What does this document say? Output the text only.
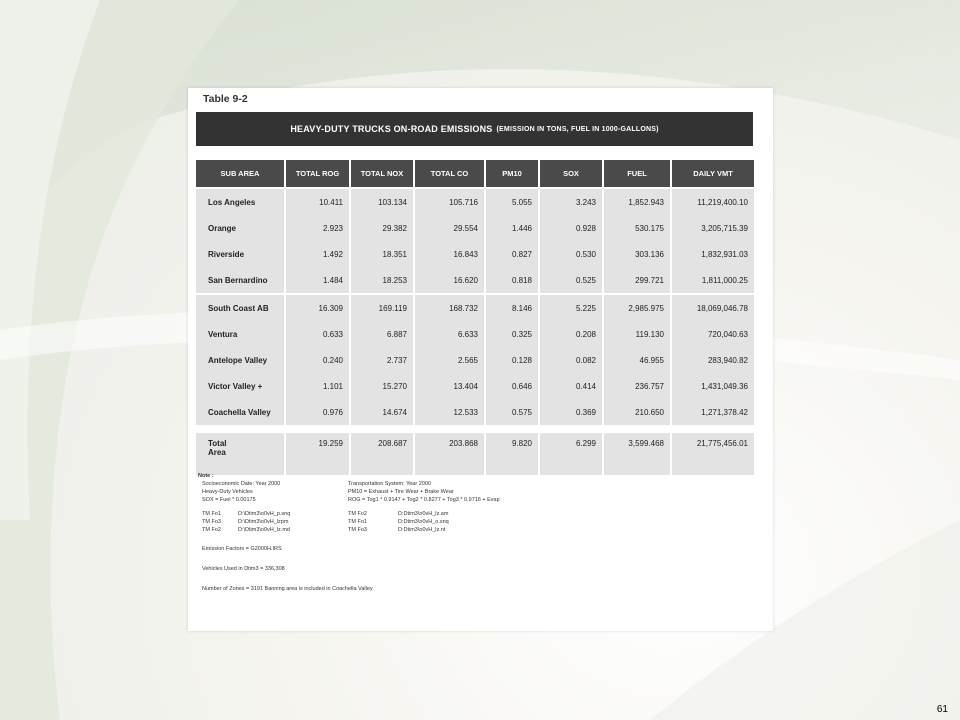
Table 9-2
HEAVY-DUTY TRUCKS ON-ROAD EMISSIONS (EMISSION IN TONS, FUEL IN 1000-GALLONS)
SUB AREA	TOTAL ROG	TOTAL NOX	TOTAL CO	PM10	SOX	FUEL	DAILY VMT
Los Angeles	10.411	103.134	105.716	5.055	3.243	1,852.943	11,219,400.10
Orange	2.923	29.382	29.554	1.446	0.928	530.175	3,205,715.39
Riverside	1.492	18.351	16.843	0.827	0.530	303.136	1,832,931.03
San Bernardino	1.484	18.253	16.620	0.818	0.525	299.721	1,811,000.25
South Coast AB	16.309	169.119	168.732	8.146	5.225	2,985.975	18,069,046.78
Ventura	0.633	6.887	6.633	0.325	0.208	119.130	720,040.63
Antelope Valley	0.240	2.737	2.565	0.128	0.082	46.955	283,940.82
Victor Valley +	1.101	15.270	13.404	0.646	0.414	236.757	1,431,049.36
Coachella Valley	0.976	14.674	12.533	0.575	0.369	210.650	1,271,378.42
Total
Area
19.259	208.687	203.868	9.820	6.299	3,599.468	21,775,456.01
Note :
Socioeconomic Date: Year 2000	Transportation System: Year 2000
Heavy-Duty Vehicles	PM10 = Exhaust + Tire Wear + Brake Wear
SOX = Fuel * 0.00175	ROG = Tog1 * 0.9147 + Tog2 * 0.8277 + Tog3 * 0.9716 + Evap
TM Fo1	D:\Dtim3\o0vH_p.snq
TM Fo3	D:\Dtim3\o0vH_lzpm
TM Fo2	D:\Dtim3\o0vH_lz.md
TM Fo2	D:Dtim3\o0vH_lz.am
TM Fo1	D:Dtim3\o0vH_o.snq
TM Fo3	D:Dtim3\o0vH_lz.nt
Emission Factors = G2000H.IRS
Vehicles Used in Dtim3 = 336,308
Number of Zones = 3191 Banning area is included in Coachella Valley
61
